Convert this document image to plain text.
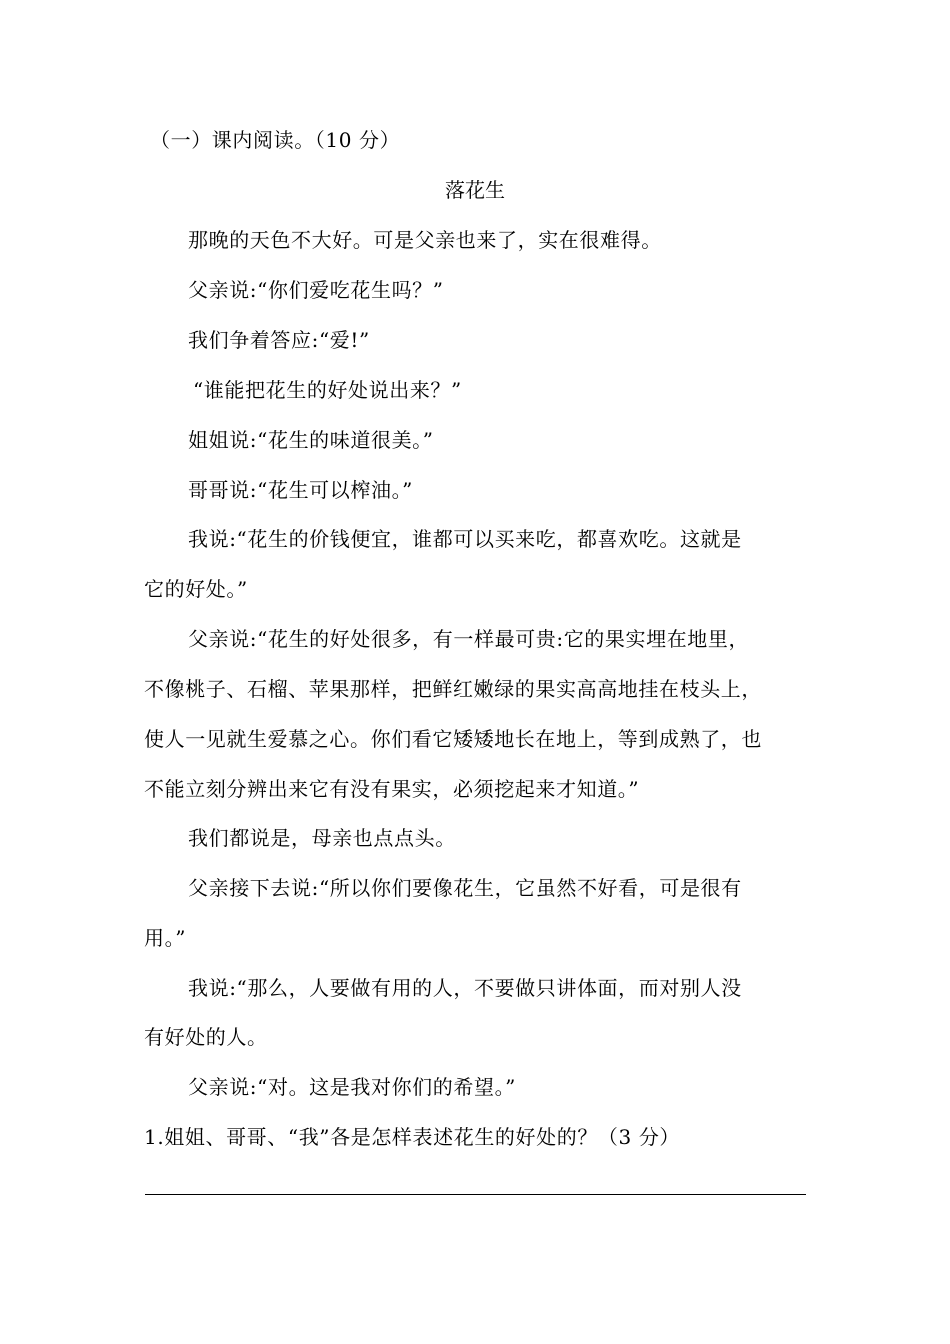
（一）课内阅读。（10 分）
落花生
那晚的天色不大好。可是父亲也来了，实在很难得。
父亲说:“你们爱吃花生吗？”
我们争着答应:“爱!”
“谁能把花生的好处说出来？”
姐姐说:“花生的味道很美。”
哥哥说:“花生可以榨油。”
我说:“花生的价钱便宜，谁都可以买来吃，都喜欢吃。这就是
它的好处。”
父亲说:“花生的好处很多，有一样最可贵:它的果实埋在地里，
不像桃子、石榴、苹果那样，把鲜红嫩绿的果实高高地挂在枝头上，
使人一见就生爱慕之心。你们看它矮矮地长在地上，等到成熟了，也
不能立刻分辨出来它有没有果实，必须挖起来才知道。”
我们都说是，母亲也点点头。
父亲接下去说:“所以你们要像花生，它虽然不好看，可是很有
用。”
我说:“那么，人要做有用的人，不要做只讲体面，而对别人没
有好处的人。
父亲说:“对。这是我对你们的希望。”
1.姐姐、哥哥、“我”各是怎样表述花生的好处的？（3 分）
